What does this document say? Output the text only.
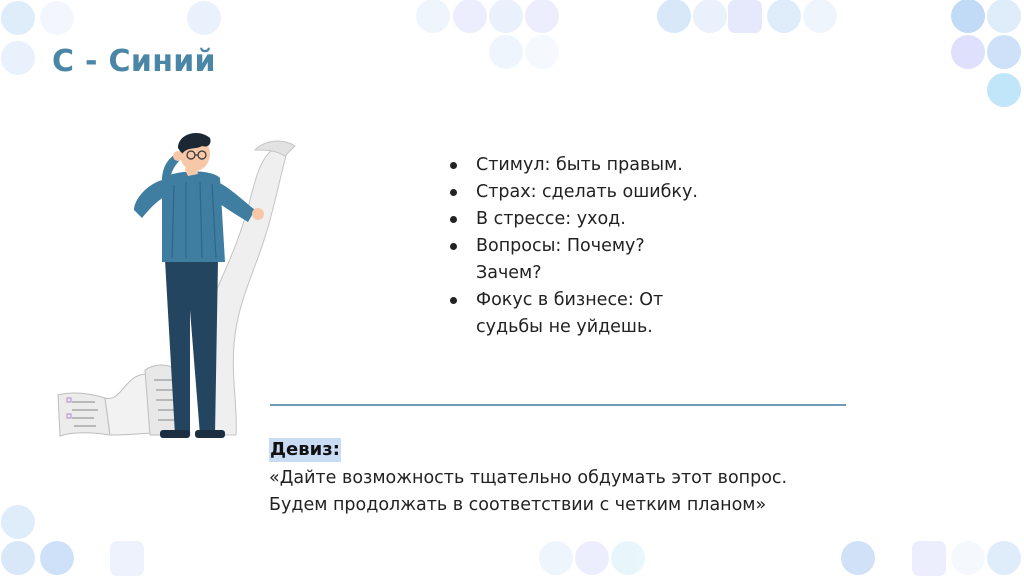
С - Синий
Стимул: быть правым.
Страх: сделать ошибку.
В стрессе: уход.
Вопросы: Почему?
Зачем?
Фокус в бизнесе: От
судьбы не уйдешь.
Девиз:

«Дайте возможность тщательно обдумать этот вопрос.
Будем продолжать в соответствии с четким планом»
